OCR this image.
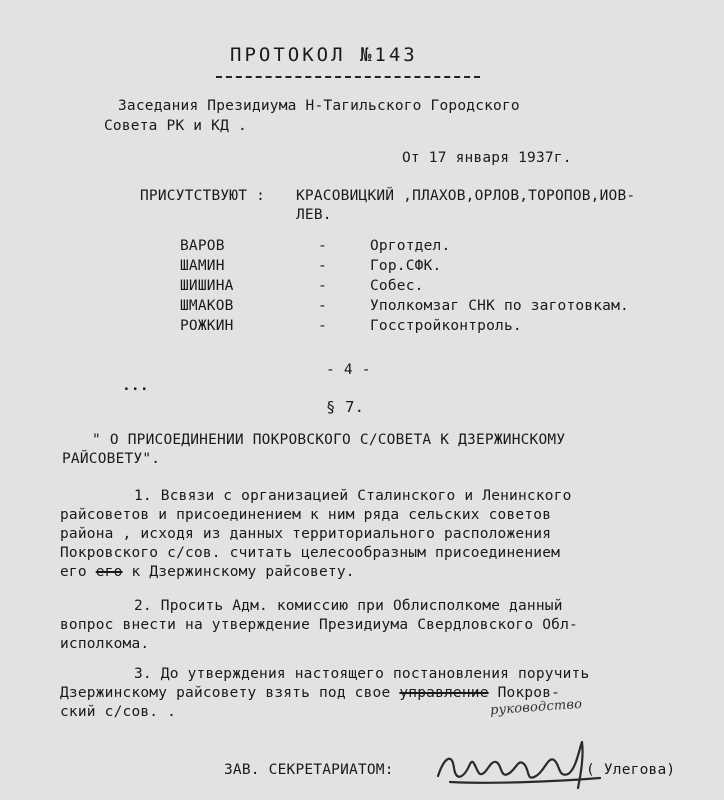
ПРОТОКОЛ №143
Заседания Президиума Н-Тагильского Городского
Совета РК и КД .
От 17 января 1937г.
ПРИСУТСТВУЮТ : КРАСОВИЦКИЙ ,ПЛАХОВ,ОРЛОВ,ТОРОПОВ,ИОВ-
ЛЕВ.
ВАРОВ	-	Орготдел.
ШАМИН	-	Гор.СФК.
ШИШИНА	-	Собес.
ШМАКОВ	-	Уполкомзаг СНК по заготовкам.
РОЖКИН	-	Госстройконтроль.
- 4 -
...
§ 7.
" О ПРИСОЕДИНЕНИИ ПОКРОВСКОГО С/СОВЕТА К ДЗЕРЖИНСКОМУ
РАЙСОВЕТУ".
1. Всвязи с организацией Сталинского и Ленинского
райсоветов и присоединением к ним ряда сельских советов
района , исходя из данных территориального расположения
Покровского с/сов. считать целесообразным присоединением
его его к Дзержинскому райсовету.
2. Просить Адм. комиссию при Облисполкоме данный
вопрос внести на утверждение Президиума Свердловского Обл-
исполкома.
3. До утверждения настоящего постановления поручить
Дзержинскому райсовету взять под свое управление Покров-
ский с/сов. .	руководство
ЗАВ. СЕКРЕТАРИАТОМ:	( Улегова)
